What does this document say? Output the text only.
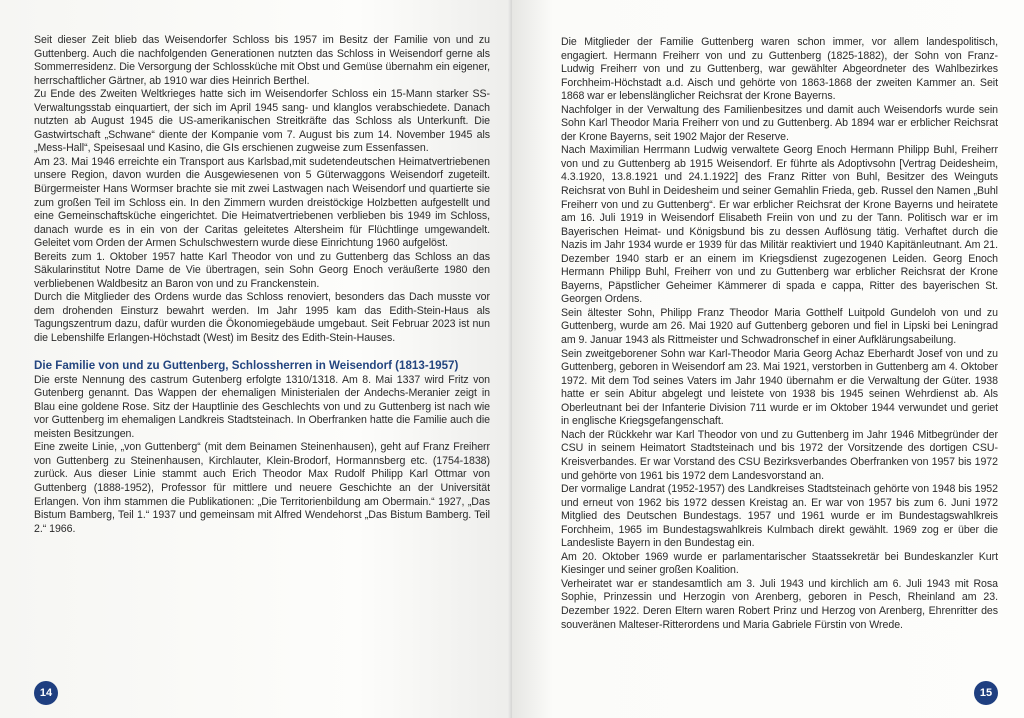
Seit dieser Zeit blieb das Weisendorfer Schloss bis 1957 im Besitz der Familie von und zu Guttenberg. Auch die nachfolgenden Generationen nutzten das Schloss in Weisendorf gerne als Sommerresidenz. Die Versorgung der Schlossküche mit Obst und Gemüse übernahm ein eigener, herrschaftlicher Gärtner, ab 1910 war dies Heinrich Berthel.

Zu Ende des Zweiten Weltkrieges hatte sich im Weisendorfer Schloss ein 15-Mann starker SS- Verwaltungsstab einquartiert, der sich im April 1945 sang- und klanglos verabschiedete. Danach nutzten ab August 1945 die US-amerikanischen Streitkräfte das Schloss als Unterkunft. Die Gastwirtschaft „Schwane“ diente der Kompanie vom 7. August bis zum 14. November 1945 als „Mess-Hall“, Speisesaal und Kasino, die GIs erschienen zugweise zum Essenfassen.

Am 23. Mai 1946 erreichte ein Transport aus Karlsbad,mit sudetendeutschen Heimatvertriebenen unsere Region, davon wurden die Ausgewiesenen von 5 Güterwaggons Weisendorf zugeteilt. Bürgermeister Hans Wormser brachte sie mit zwei Lastwagen nach Weisendorf und quartierte sie zum großen Teil im Schloss ein. In den Zimmern wurden dreistöckige Holzbetten aufgestellt und eine Gemeinschaftsküche eingerichtet. Die Heimatvertriebenen verblieben bis 1949 im Schloss, danach wurde es in ein von der Caritas geleitetes Altersheim für Flüchtlinge umgewandelt. Geleitet vom Orden der Armen Schulschwestern wurde diese Einrichtung 1960 aufgelöst.

Bereits zum 1. Oktober 1957 hatte Karl Theodor von und zu Guttenberg das Schloss an das Säkularinstitut Notre Dame de Vie übertragen, sein Sohn Georg Enoch veräußerte 1980 den verbliebenen Waldbesitz an Baron von und zu Franckenstein.

Durch die Mitglieder des Ordens wurde das Schloss renoviert, besonders das Dach musste vor dem drohenden Einsturz bewahrt werden. Im Jahr 1995 kam das Edith-Stein-Haus als Tagungszentrum dazu, dafür wurden die Ökonomiegebäude umgebaut. Seit Februar 2023 ist nun die Lebenshilfe Erlangen-Höchstadt (West) im Besitz des Edith-Stein-Hauses.

Die Familie von und zu Guttenberg, Schlossherren in Weisendorf (1813-1957)

Die erste Nennung des castrum Gutenberg erfolgte 1310/1318. Am 8. Mai 1337 wird Fritz von Gutenberg genannt. Das Wappen der ehemaligen Ministerialen der Andechs-Meranier zeigt in Blau eine goldene Rose. Sitz der Hauptlinie des Geschlechts von und zu Guttenberg ist nach wie vor Guttenberg im ehemaligen Landkreis Stadtsteinach. In Oberfranken hatte die Familie auch die meisten Besitzungen.

Eine zweite Linie, „von Guttenberg“ (mit dem Beinamen Steinenhausen), geht auf Franz Freiherr von Guttenberg zu Steinenhausen, Kirchlauter, Klein-Brodorf, Hormannsberg etc. (1754-1838) zurück. Aus dieser Linie stammt auch Erich Theodor Max Rudolf Philipp Karl Ottmar von Guttenberg (1888-1952), Professor für mittlere und neuere Geschichte an der Universität Erlangen. Von ihm stammen die Publikationen: „Die Territorienbildung am Obermain.“ 1927, „Das Bistum Bamberg, Teil 1.“ 1937 und gemeinsam mit Alfred Wendehorst „Das Bistum Bamberg. Teil 2.“ 1966.

14

Die Mitglieder der Familie Guttenberg waren schon immer, vor allem landespolitisch, engagiert. Hermann Freiherr von und zu Guttenberg (1825-1882), der Sohn von Franz- Ludwig Freiherr von und zu Guttenberg, war gewählter Abgeordneter des Wahlbezirkes Forchheim-Höchstadt a.d. Aisch und gehörte von 1863-1868 der zweiten Kammer an. Seit 1868 war er lebenslänglicher Reichsrat der Krone Bayerns.

Nachfolger in der Verwaltung des Familienbesitzes und damit auch Weisendorfs wurde sein Sohn Karl Theodor Maria Freiherr von und zu Guttenberg. Ab 1894 war er erblicher Reichsrat der Krone Bayerns, seit 1902 Major der Reserve.

Nach Maximilian Herrmann Ludwig verwaltete Georg Enoch Hermann Philipp Buhl, Freiherr von und zu Guttenberg ab 1915 Weisendorf. Er führte als Adoptivsohn [Vertrag Deidesheim, 4.3.1920, 13.8.1921 und 24.1.1922] des Franz Ritter von Buhl, Besitzer des Weinguts Reichsrat von Buhl in Deidesheim und seiner Gemahlin Frieda, geb. Russel den Namen „Buhl Freiherr von und zu Guttenberg“. Er war erblicher Reichsrat der Krone Bayerns und heiratete am 16. Juli 1919 in Weisendorf Elisabeth Freiin von und zu der Tann. Politisch war er im Bayerischen Heimat- und Königsbund bis zu dessen Auflösung tätig. Verhaftet durch die Nazis im Jahr 1934 wurde er 1939 für das Militär reaktiviert und 1940 Kapitänleutnant. Am 21. Dezember 1940 starb er an einem im Kriegsdienst zugezogenen Leiden. Georg Enoch Hermann Philipp Buhl, Freiherr von und zu Guttenberg war erblicher Reichsrat der Krone Bayerns, Päpstlicher Geheimer Kämmerer di spada e cappa, Ritter des bayerischen St. Georgen Ordens.

Sein ältester Sohn, Philipp Franz Theodor Maria Gotthelf Luitpold Gundeloh von und zu Guttenberg, wurde am 26. Mai 1920 auf Guttenberg geboren und fiel in Lipski bei Leningrad am 9. Januar 1943 als Rittmeister und Schwadronschef in einer Aufklärungsabeilung.

Sein zweitgeborener Sohn war Karl-Theodor Maria Georg Achaz Eberhardt Josef von und zu Guttenberg, geboren in Weisendorf am 23. Mai 1921, verstorben in Guttenberg am 4. Oktober 1972. Mit dem Tod seines Vaters im Jahr 1940 übernahm er die Verwaltung der Güter. 1938 hatte er sein Abitur abgelegt und leistete von 1938 bis 1945 seinen Wehrdienst ab. Als Oberleutnant bei der Infanterie Division 711 wurde er im Oktober 1944 verwundet und geriet in englische Kriegsgefangenschaft.

Nach der Rückkehr war Karl Theodor von und zu Guttenberg im Jahr 1946 Mitbegründer der CSU in seinem Heimatort Stadtsteinach und bis 1972 der Vorsitzende des dortigen CSU-Kreisverbandes. Er war Vorstand des CSU Bezirksverbandes Oberfranken von 1957 bis 1972 und gehörte von 1961 bis 1972 dem Landesvorstand an.

Der vormalige Landrat (1952-1957) des Landkreises Stadtsteinach gehörte von 1948 bis 1952 und erneut von 1962 bis 1972 dessen Kreistag an. Er war von 1957 bis zum 6. Juni 1972 Mitglied des Deutschen Bundestags. 1957 und 1961 wurde er im Bundestagswahlkreis Forchheim, 1965 im Bundestagswahlkreis Kulmbach direkt gewählt. 1969 zog er über die Landesliste Bayern in den Bundestag ein.

Am 20. Oktober 1969 wurde er parlamentarischer Staatssekretär bei Bundeskanzler Kurt Kiesinger und seiner großen Koalition.

Verheiratet war er standesamtlich am 3. Juli 1943 und kirchlich am 6. Juli 1943 mit Rosa Sophie, Prinzessin und Herzogin von Arenberg, geboren in Pesch, Rheinland am 23. Dezember 1922. Deren Eltern waren Robert Prinz und Herzog von Arenberg, Ehrenritter des souveränen Malteser-Ritterordens und Maria Gabriele Fürstin von Wrede.

15
